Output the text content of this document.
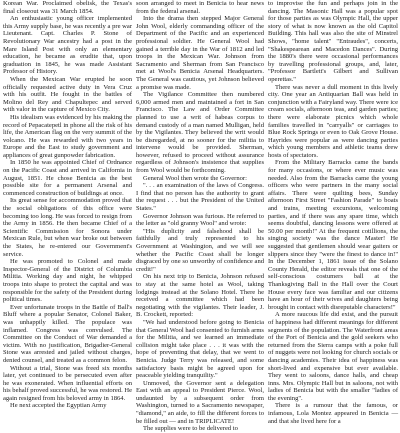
Korean War. Proclaimed obelisk, the Texas's final closeout was 31 March 1854.

An enthusiastic young officer implemented this Army supply base, he was recently a pre war Lieutenant. Capt. Charles P. Stone of Revolutionary War ancestry had a post in the Mare Island Post with only an elementary education, he became as erudite that, upon graduation in 1845, he was made Assistant Professor of History.

When the Mexican War erupted he soon officially requested active duty in Vera Cruz with his outfit. He fought in the battles of Molino del Rey and Chapultepec and served with valor in the capture of Mexico City.

His idealism was evidenced by his making the record of Pepacatepetl in phone all the risk of his life, the American flag on the very summit of the volcano. He was rewarded with two years in Europe and the East to study government and appliances of great gunpowder fabrication.

In 1850 he was appointed Chief of Ordnance on the Pacific Coast and arrived in California in August, 1851. He chose Benicia as the best possible site for a permanent Arsenal and commenced construction of buildings at once.

Its great sense for accommodation proved that the social obligations of this office were becoming too long. He was forced to resign from the Army in 1856. He then became Chief of a Scientific Commission for Sonora under Mexican Rule, but when war broke out between the States, he re-entered our Government's service.

He was promoted to Colonel and made Inspector-General of the District of Columbia Militia. Working day and night, he whipped troops into shape to protect the capital and was responsible for the safety of the President during political times.

Ever unfortunate troops in the Battle of Ball's Bluff where a popular Senator, Colonel Baker, was unhappily killed. The populace was inflamed. Congress was convulsed. The Committee on the Conduct of War demanded a victim. With no justification, Brigadier-General Stone was arrested and jailed without charges, denied counsel, and treated as a common felon.

Without a trial, Stone was freed six months later, yet continued to be persecuted even after he was exonerated. When influential efforts on his behalf proved successful, he was restored. He again resigned from his beloved army in 1864.

He next accepted the Egyptian Army

soon arranged to meet in Benicia to hear news from the federal arsenal.

Into the drama then stepped Major General John Wool, elderly commanding officer of the Department of the Pacific and an experienced professional soldier. He General Wool had gained a terrible day in the War of 1812 and led troops in the Mexican War. Johnson from Sacramento and Sherman from San Francisco met at Wool's Benicia Arsenal Headquarters. The General was cautious, yet Johnson believed a promise was made.

The Vigilance Committee then numbered 6,000 armed men and maintained a fort in San Francisco. The Law and Order Committee planned to use a writ of habeas corpus to demand custody of a man named Mulligan, held by the Vigilantes. They believed the writ would be disregarded, at no sooner for the militia to intervene would be provided. Sherman, however, refused to proceed without assurance regardless of Johnson's insistence that supplies from Wool would be forthcoming.

General Wool then wrote the Governor:

". . . an examination of the laws of Congress. I find that no person has the authority to grant the request . . . but the President of the United States."

Governor Johnson was furious. He referred to the letter as "old granny Wool" and wrote:

"His duplicity and falsehood shall be faithfully and truly represented to his Government at Washington, and we will see whether the Pacific Coast shall be longer disgraced by one so unworthy of confidence and credit!"

On his next trip to Benicia, Johnson refused to stay at the same hotel as Wool, taking lodgings instead at the Solano Hotel. There he received a committee which had been negotiating with the vigilantes. Their leader, J. B. Crockett, reported:

"We had understood before going to Benicia that General Wool had consented to furnish arms for the Militia, and we learned an immediate collision might take place . . . it was with the hope of preventing that delay, that we went to Benicia. Judge Terry was released, and some satisfactory basis might be agreed upon for peaceable yielding tranquility."

Unmoved, the Governor sent a delegation East with an appeal to President Pierce. Wool, undaunted by a subsequent order from Washington, turned to a Sacramento newspaper, "diamond," an aide, to fill the different forces to be filled out — and in TRIPLICATE!

The supplies were to be delivered to

to improvise the fun and perhaps join in the dancing. The Masonic Hall was a popular spot for those parties as was Olympic Hall, the upper story of what is now known as the old Capitol Building. This hall was also the site of Minstrel Shows, "home talent" "Entraudes", concerts, "Shakespearean and Macedon Dances". During the 1880's there were occasional performances by travelling professional groups, and, later, "Professor Bartlett's Gilbert and Sullivan operettas."

There was never a dull moment in this lively city. One year an Antiquarian Ball was held in conjunction with a Fairyland way. There were ice cream socials, afternoon teas, and garden parties; there were elaborate picnics which whole families travelled in "carryalls" or carriages to Blue Rock Springs or even to Oak Grove House. Hayrides were popular as were dancing parties which young members and athletic teams drew hosts of spectators.

From the Military Barracks came the bands for many occasions, or where ever music was needed. Also from the Barracks came the young officers who were partners in the many social affairs. There were quilting bees, Sunday afternoon First Street "Fashion Parade" to boats and trains, meeting excursions, welcoming parties, and if there was any spare time, which seems doubtful, dancing lessons were offered at 50.00 per month!" At the frequent cotillions, the singing society was the dance Master! He suggested that gentlemen should wear gaiters or slippers since they "were the finest to dance in!" In the December 1, 1861 issue of the Solano County Herald, the editor reveals that one of the self-conscious costumers ball at the Thanksgiving Ball in the Hall over the Court House every face was familiar and our citizens have an hour of their wives and daughters being brought in contact with disreputable characters!"

A more raucous life did exist, and the pursuit of happiness had different meanings for different segments of the population. The Waterfront areas of the Port of Benicia and the gold seekers who returned from the Sierra camps with a poke full of nuggets were not looking for church socials or dancing academies. Their idea of happiness was short-lived and expensive but ever available. They went to saloons, dance halls, and cheap inns. Mrs. Olympic Hall but in saloons, not with ladies of Benicia but with the smaller "ladies of the evening".

There is a rumour that the famous, or infamous, Lola Montez appeared in Benicia — and that she lived here for a
